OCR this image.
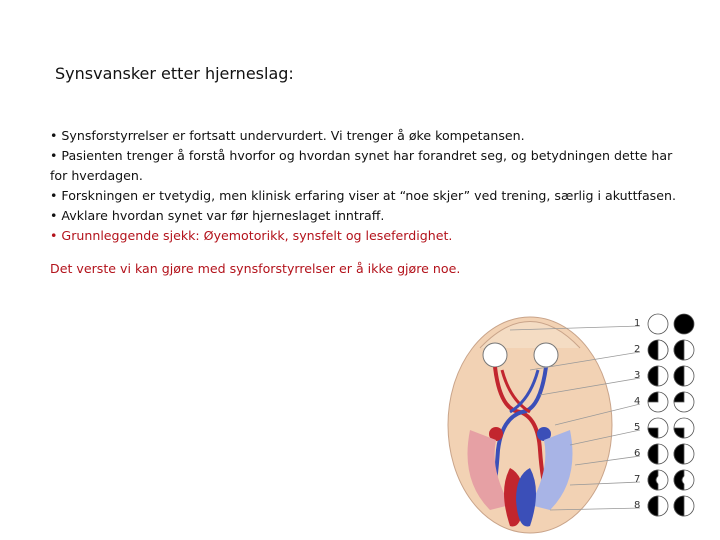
Synsvansker etter hjerneslag:
• Synsforstyrrelser er fortsatt undervurdert. Vi trenger å øke kompetansen.
• Pasienten trenger å forstå hvorfor og hvordan synet har forandret seg, og betydningen dette har for hverdagen.
• Forskningen er tvetydig, men klinisk erfaring viser at “noe skjer” ved trening, særlig i akuttfasen.
• Avklare hvordan synet var før hjerneslaget inntraff.
• Grunnleggende sjekk: Øyemotorikk, synsfelt og leseferdighet.
Det verste vi kan gjøre med synsforstyrrelser er å ikke gjøre noe.
1
2
3
4
5
6
7
8
